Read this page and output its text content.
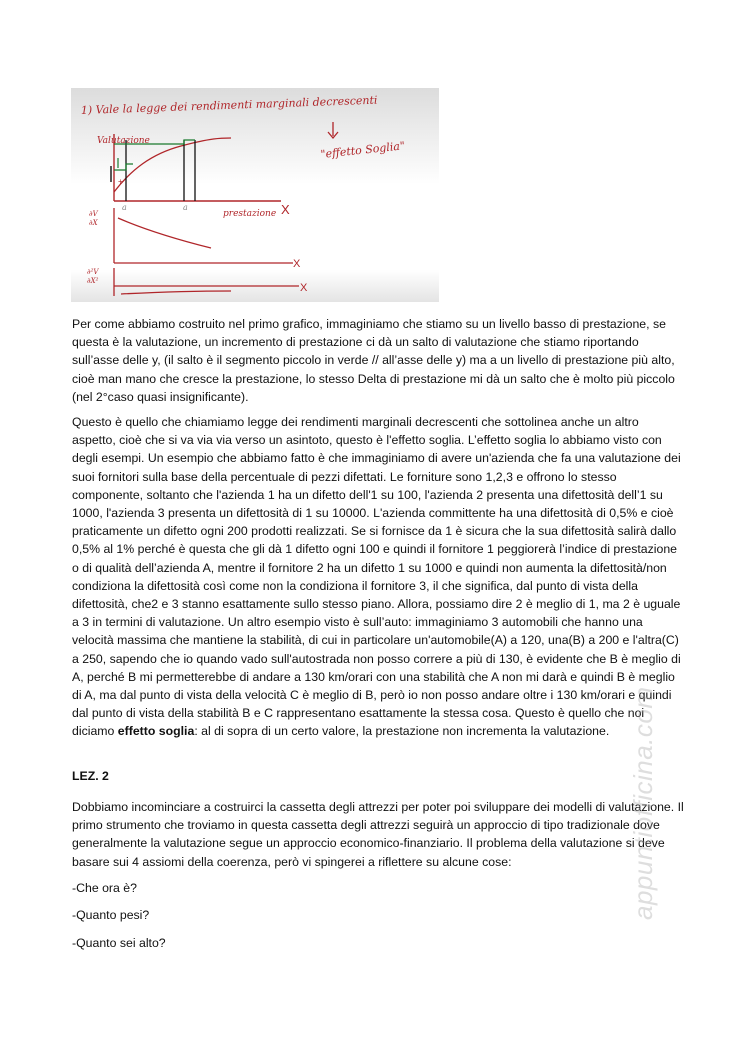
1) Vale la legge dei rendimenti marginali decrescenti
"effetto Soglia"
Valutazione
+
a	a
prestazione X
∂V
∂X
X
∂²V
∂X²
X

Per come abbiamo costruito nel primo grafico, immaginiamo che stiamo su un livello basso di prestazione, se questa è la valutazione, un incremento di prestazione ci dà un salto di valutazione che stiamo riportando sull’asse delle y, (il salto è il segmento piccolo in verde // all’asse delle y) ma a un livello di prestazione più alto, cioè man mano che cresce la prestazione, lo stesso Delta di prestazione mi dà un salto che è molto più piccolo (nel 2°caso quasi insignificante).

Questo è quello che chiamiamo legge dei rendimenti marginali decrescenti che sottolinea anche un altro aspetto, cioè che si va via via verso un asintoto, questo è l'effetto soglia. L’effetto soglia lo abbiamo visto con degli esempi. Un esempio che abbiamo fatto è che immaginiamo di avere un'azienda che fa una valutazione dei suoi fornitori sulla base della percentuale di pezzi difettati. Le forniture sono 1,2,3 e offrono lo stesso componente, soltanto che l'azienda 1 ha un difetto dell'1 su 100, l'azienda 2 presenta una difettosità dell’1 su 1000, l'azienda 3 presenta un difettosità di 1 su 10000. L'azienda committente ha una difettosità di 0,5% e cioè praticamente un difetto ogni 200 prodotti realizzati. Se si fornisce da 1 è sicura che la sua difettosità salirà dallo 0,5% al 1% perché è questa che gli dà 1 difetto ogni 100 e quindi il fornitore 1 peggiorerà l’indice di prestazione o di qualità dell’azienda A, mentre il fornitore 2 ha un difetto 1 su 1000 e quindi non aumenta la difettosità/non condiziona la difettosità così come non la condiziona il fornitore 3, il che significa, dal punto di vista della difettosità, che2 e 3 stanno esattamente sullo stesso piano. Allora, possiamo dire 2 è meglio di 1, ma 2 è uguale a 3 in termini di valutazione. Un altro esempio visto è sull’auto: immaginiamo 3 automobili che hanno una velocità massima che mantiene la stabilità, di cui in particolare un'automobile(A) a 120, una(B) a 200 e l'altra(C) a 250, sapendo che io quando vado sull'autostrada non posso correre a più di 130, è evidente che B è meglio di A, perché B mi permetterebbe di andare a 130 km/orari con una stabilità che A non mi darà e quindi B è meglio di A, ma dal punto di vista della velocità C è meglio di B, però io non posso andare oltre i 130 km/orari e quindi dal punto di vista della stabilità B e C rappresentano esattamente la stessa cosa. Questo è quello che noi diciamo effetto soglia: al di sopra di un certo valore, la prestazione non incrementa la valutazione.

LEZ. 2

Dobbiamo incominciare a costruirci la cassetta degli attrezzi per poter poi sviluppare dei modelli di valutazione. Il primo strumento che troviamo in questa cassetta degli attrezzi seguirà un approccio di tipo tradizionale dove generalmente la valutazione segue un approccio economico-finanziario. Il problema della valutazione si deve basare sui 4 assiomi della coerenza, però vi spingerei a riflettere su alcune cose:

-Che ora è?
-Quanto pesi?
-Quanto sei alto?
appuntiofficina.com
